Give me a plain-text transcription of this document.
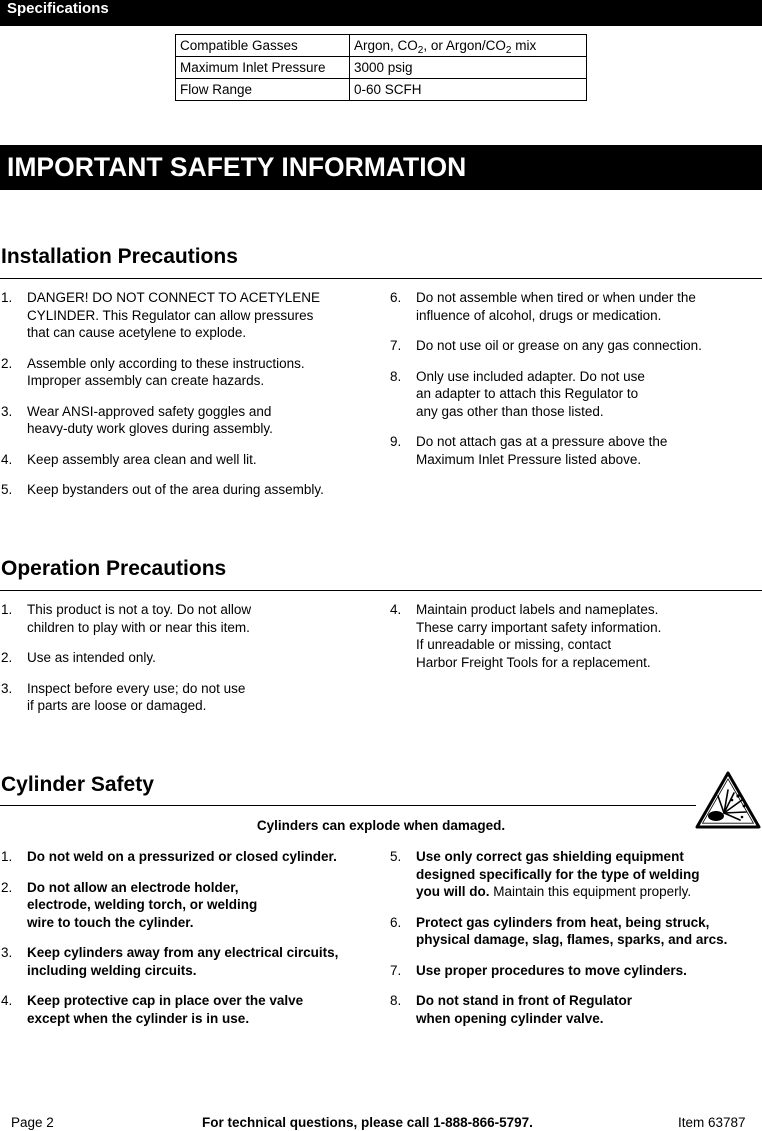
Specifications
Compatible Gasses	Argon, $CO_2$, or Argon/$CO_2$ mix
Maximum Inlet Pressure	3000 psig
Flow Range	0-60 SCFH
IMPORTANT SAFETY INFORMATION
Installation Precautions
1. DANGER! DO NOT CONNECT TO ACETYLENE
CYLINDER. This Regulator can allow pressures
that can cause acetylene to explode.
2. Assemble only according to these instructions.
Improper assembly can create hazards.
3. Wear ANSI-approved safety goggles and
heavy-duty work gloves during assembly.
4. Keep assembly area clean and well lit.
5. Keep bystanders out of the area during assembly.
6. Do not assemble when tired or when under the
influence of alcohol, drugs or medication.
7. Do not use oil or grease on any gas connection.
8. Only use included adapter. Do not use
an adapter to attach this Regulator to
any gas other than those listed.
9. Do not attach gas at a pressure above the
Maximum Inlet Pressure listed above.
Operation Precautions
1. This product is not a toy. Do not allow
children to play with or near this item.
2. Use as intended only.
3. Inspect before every use; do not use
if parts are loose or damaged.
4. Maintain product labels and nameplates.
These carry important safety information.
If unreadable or missing, contact
Harbor Freight Tools for a replacement.
Cylinder Safety
Cylinders can explode when damaged.
1. Do not weld on a pressurized or closed cylinder.
2. Do not allow an electrode holder,
electrode, welding torch, or welding
wire to touch the cylinder.
3. Keep cylinders away from any electrical circuits,
including welding circuits.
4. Keep protective cap in place over the valve
except when the cylinder is in use.
5. Use only correct gas shielding equipment
designed specifically for the type of welding
you will do. Maintain this equipment properly.
6. Protect gas cylinders from heat, being struck,
physical damage, slag, flames, sparks, and arcs.
7. Use proper procedures to move cylinders.
8. Do not stand in front of Regulator
when opening cylinder valve.
Page 2	For technical questions, please call 1-888-866-5797.	Item 63787
